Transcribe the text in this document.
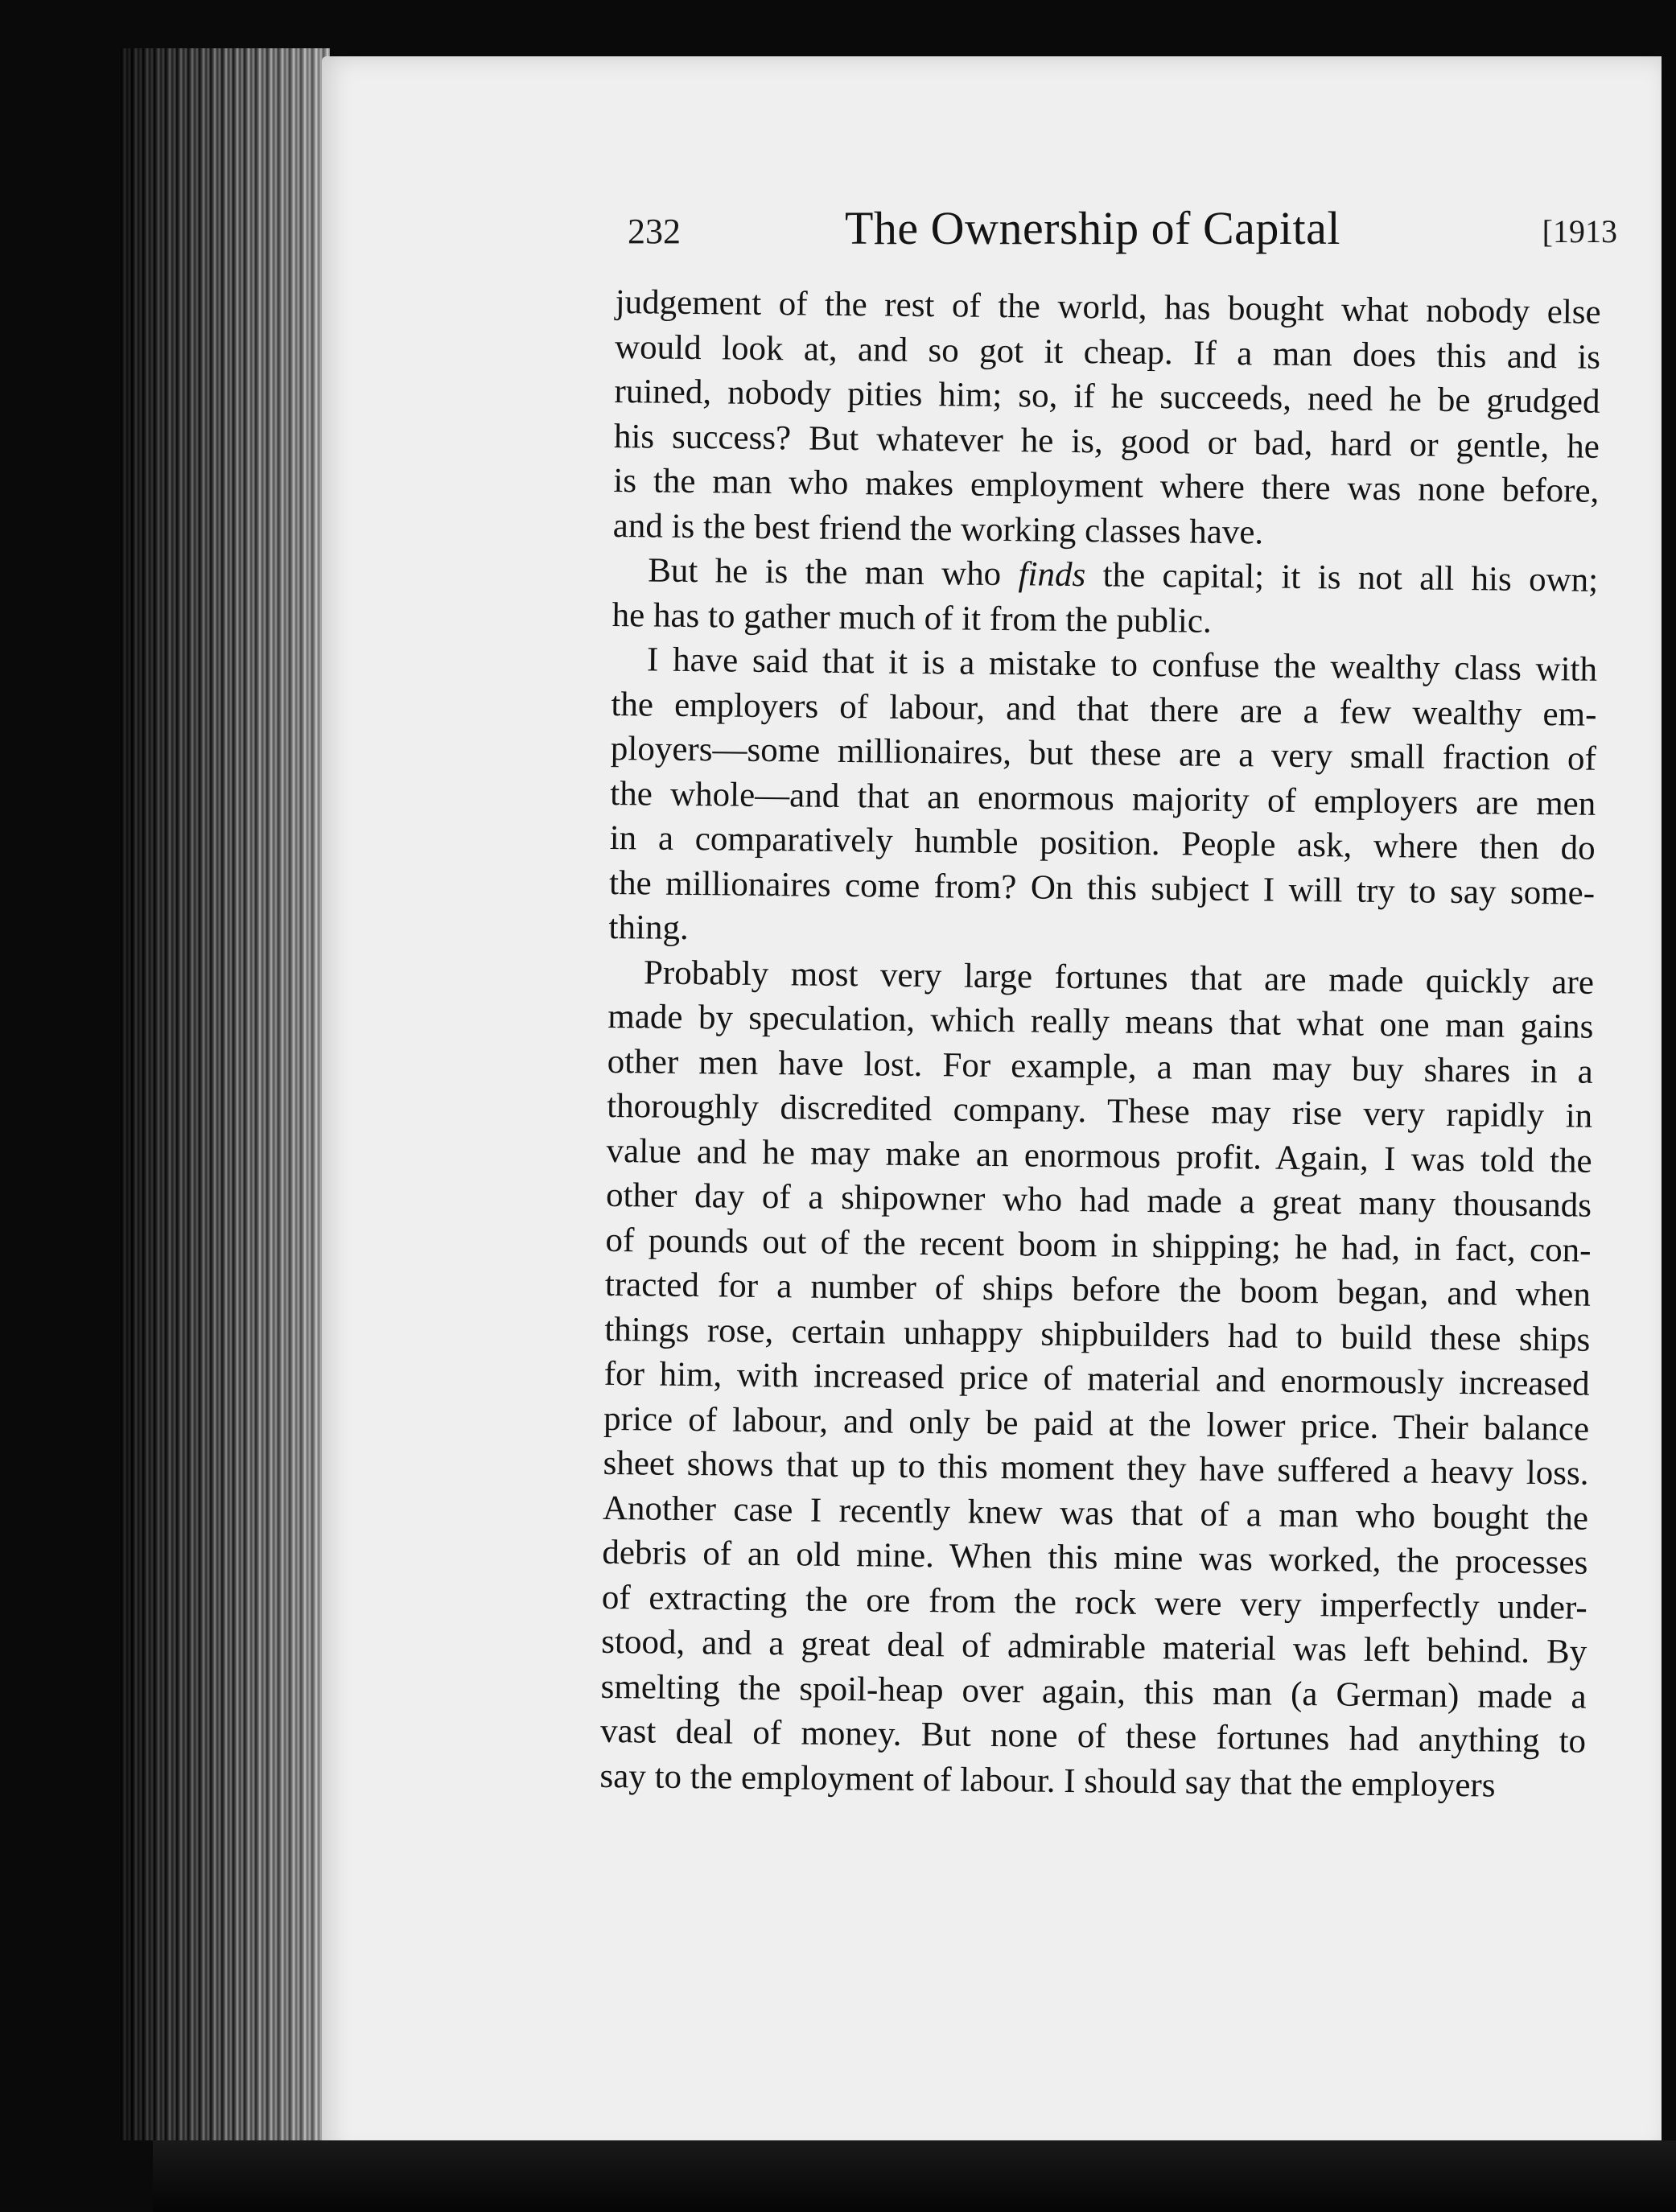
232	The Ownership of Capital	[1913
judgement of the rest of the world, has bought what nobody else
would look at, and so got it cheap. If a man does this and is
ruined, nobody pities him; so, if he succeeds, need he be grudged
his success? But whatever he is, good or bad, hard or gentle, he
is the man who makes employment where there was none before,
and is the best friend the working classes have.
But he is the man who finds the capital; it is not all his own;
he has to gather much of it from the public.
I have said that it is a mistake to confuse the wealthy class with
the employers of labour, and that there are a few wealthy em-
ployers—some millionaires, but these are a very small fraction of
the whole—and that an enormous majority of employers are men
in a comparatively humble position. People ask, where then do
the millionaires come from? On this subject I will try to say some-
thing.
Probably most very large fortunes that are made quickly are
made by speculation, which really means that what one man gains
other men have lost. For example, a man may buy shares in a
thoroughly discredited company. These may rise very rapidly in
value and he may make an enormous profit. Again, I was told the
other day of a shipowner who had made a great many thousands
of pounds out of the recent boom in shipping; he had, in fact, con-
tracted for a number of ships before the boom began, and when
things rose, certain unhappy shipbuilders had to build these ships
for him, with increased price of material and enormously increased
price of labour, and only be paid at the lower price. Their balance
sheet shows that up to this moment they have suffered a heavy loss.
Another case I recently knew was that of a man who bought the
debris of an old mine. When this mine was worked, the processes
of extracting the ore from the rock were very imperfectly under-
stood, and a great deal of admirable material was left behind. By
smelting the spoil-heap over again, this man (a German) made a
vast deal of money. But none of these fortunes had anything to
say to the employment of labour. I should say that the employers
